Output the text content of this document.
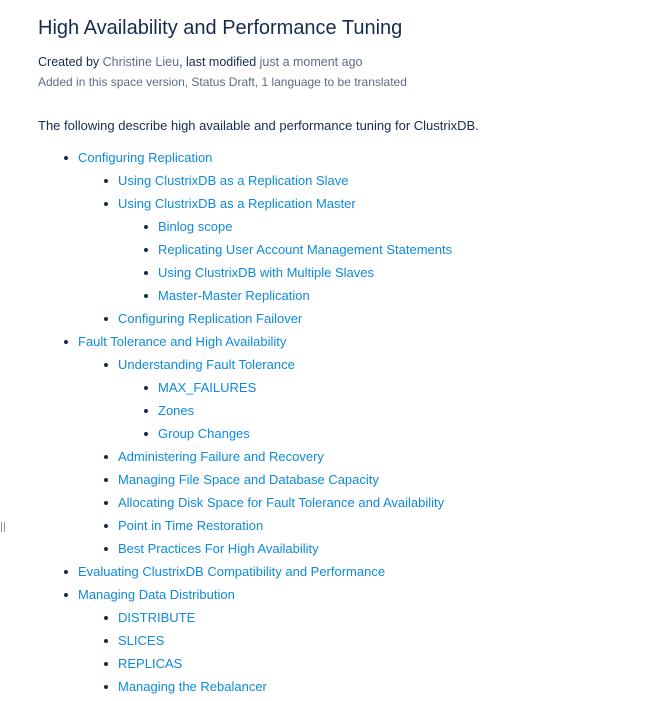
High Availability and Performance Tuning
Created by Christine Lieu, last modified just a moment ago
Added in this space version, Status Draft, 1 language to be translated
The following describe high available and performance tuning for ClustrixDB.
Configuring Replication
Using ClustrixDB as a Replication Slave
Using ClustrixDB as a Replication Master
Binlog scope
Replicating User Account Management Statements
Using ClustrixDB with Multiple Slaves
Master-Master Replication
Configuring Replication Failover
Fault Tolerance and High Availability
Understanding Fault Tolerance
MAX_FAILURES
Zones
Group Changes
Administering Failure and Recovery
Managing File Space and Database Capacity
Allocating Disk Space for Fault Tolerance and Availability
Point in Time Restoration
Best Practices For High Availability
Evaluating ClustrixDB Compatibility and Performance
Managing Data Distribution
DISTRIBUTE
SLICES
REPLICAS
Managing the Rebalancer
